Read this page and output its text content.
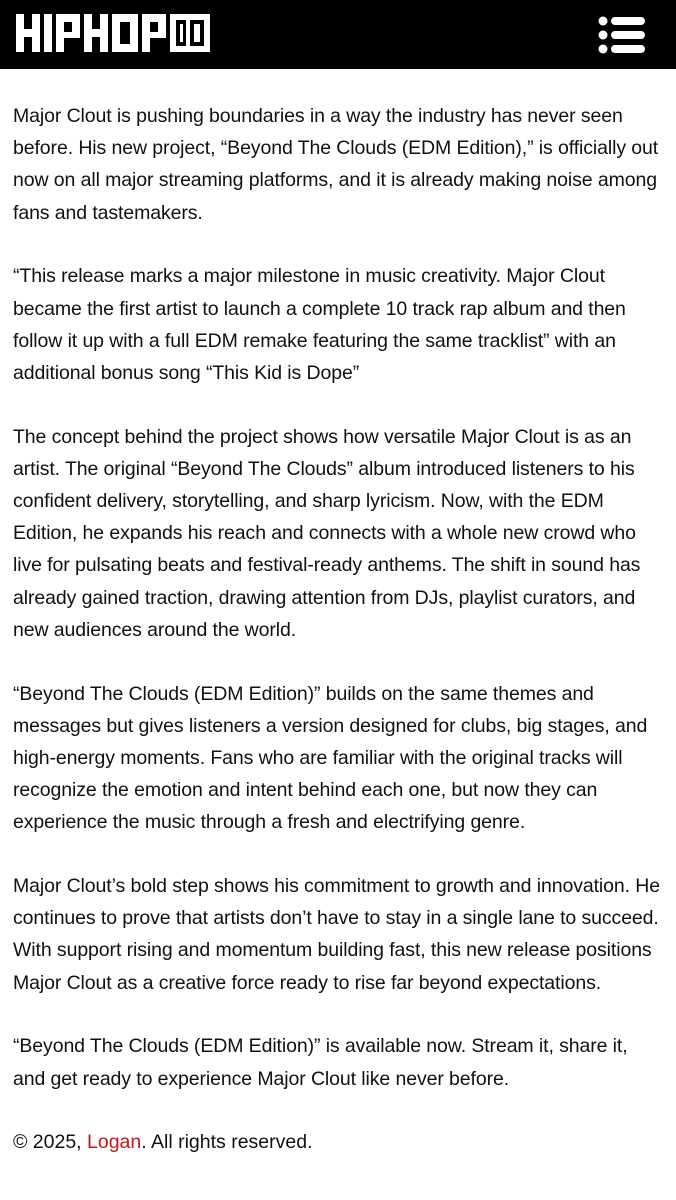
Major Clout is pushing boundaries in a way the industry has never seen before. His new project, “Beyond The Clouds (EDM Edition),” is officially out now on all major streaming platforms, and it is already making noise among fans and tastemakers.

“This release marks a major milestone in music creativity. Major Clout became the first artist to launch a complete 10 track rap album and then follow it up with a full EDM remake featuring the same tracklist” with an additional bonus song “This Kid is Dope”

The concept behind the project shows how versatile Major Clout is as an artist. The original “Beyond The Clouds” album introduced listeners to his confident delivery, storytelling, and sharp lyricism. Now, with the EDM Edition, he expands his reach and connects with a whole new crowd who live for pulsating beats and festival-ready anthems. The shift in sound has already gained traction, drawing attention from DJs, playlist curators, and new audiences around the world.

“Beyond The Clouds (EDM Edition)” builds on the same themes and messages but gives listeners a version designed for clubs, big stages, and high-energy moments. Fans who are familiar with the original tracks will recognize the emotion and intent behind each one, but now they can experience the music through a fresh and electrifying genre.

Major Clout’s bold step shows his commitment to growth and innovation. He continues to prove that artists don’t have to stay in a single lane to succeed. With support rising and momentum building fast, this new release positions Major Clout as a creative force ready to rise far beyond expectations.

“Beyond The Clouds (EDM Edition)” is available now. Stream it, share it, and get ready to experience Major Clout like never before.

© 2025, Logan. All rights reserved.
